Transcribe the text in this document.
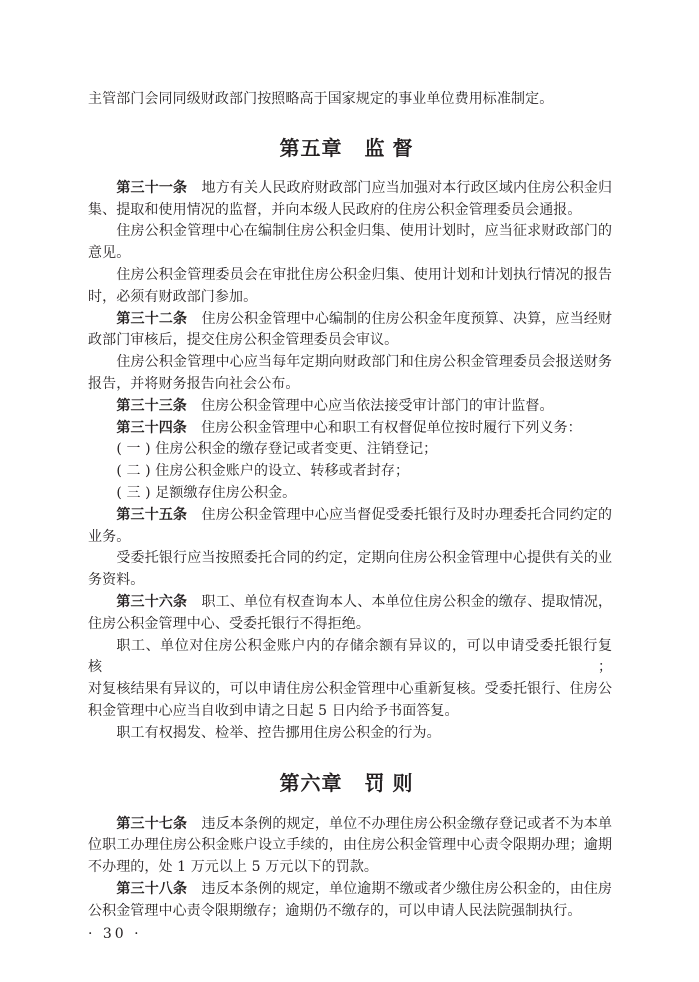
主管部门会同同级财政部门按照略高于国家规定的事业单位费用标准制定。
第五章 监督
第三十一条 地方有关人民政府财政部门应当加强对本行政区域内住房公积金归
集、提取和使用情况的监督，并向本级人民政府的住房公积金管理委员会通报。
住房公积金管理中心在编制住房公积金归集、使用计划时，应当征求财政部门的
意见。
住房公积金管理委员会在审批住房公积金归集、使用计划和计划执行情况的报告
时，必须有财政部门参加。
第三十二条 住房公积金管理中心编制的住房公积金年度预算、决算，应当经财
政部门审核后，提交住房公积金管理委员会审议。
住房公积金管理中心应当每年定期向财政部门和住房公积金管理委员会报送财务
报告，并将财务报告向社会公布。
第三十三条 住房公积金管理中心应当依法接受审计部门的审计监督。
第三十四条 住房公积金管理中心和职工有权督促单位按时履行下列义务：
( 一 ) 住房公积金的缴存登记或者变更、注销登记；
( 二 ) 住房公积金账户的设立、转移或者封存；
( 三 ) 足额缴存住房公积金。
第三十五条 住房公积金管理中心应当督促受委托银行及时办理委托合同约定的
业务。
受委托银行应当按照委托合同的约定，定期向住房公积金管理中心提供有关的业
务资料。
第三十六条 职工、单位有权查询本人、本单位住房公积金的缴存、提取情况，
住房公积金管理中心、受委托银行不得拒绝。
职工、单位对住房公积金账户内的存储余额有异议的，可以申请受委托银行复核；
对复核结果有异议的，可以申请住房公积金管理中心重新复核。受委托银行、住房公
积金管理中心应当自收到申请之日起 5 日内给予书面答复。
职工有权揭发、检举、控告挪用住房公积金的行为。
第六章 罚则
第三十七条 违反本条例的规定，单位不办理住房公积金缴存登记或者不为本单
位职工办理住房公积金账户设立手续的，由住房公积金管理中心责令限期办理；逾期
不办理的，处 1 万元以上 5 万元以下的罚款。
第三十八条 违反本条例的规定，单位逾期不缴或者少缴住房公积金的，由住房
公积金管理中心责令限期缴存；逾期仍不缴存的，可以申请人民法院强制执行。
· 30 ·
